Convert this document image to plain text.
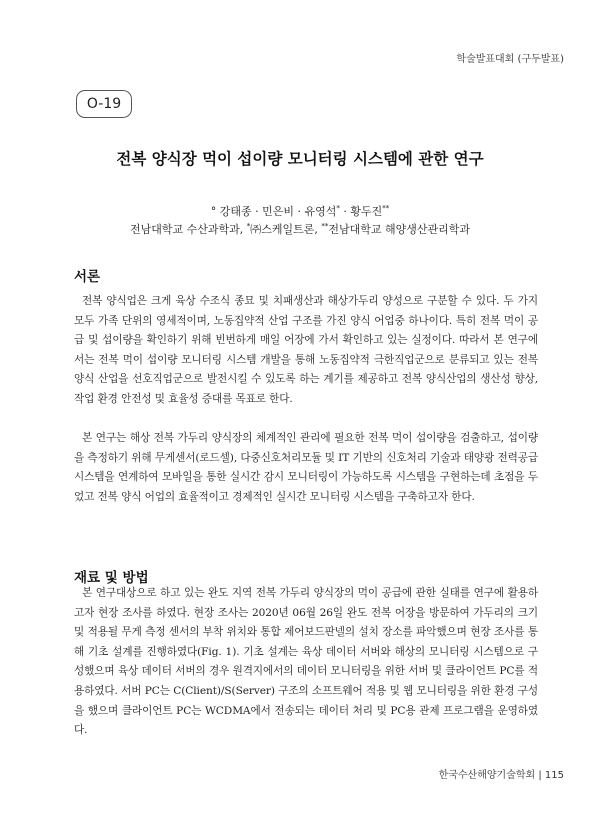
학술발표대회 (구두발표)
O-19
전복 양식장 먹이 섭이량 모니터링 시스템에 관한 연구
° 강태종 · 민은비 · 유영석* · 황두진**
전남대학교 수산과학과, *㈜스케일트론, **전남대학교 해양생산관리학과
서론

전복 양식업은 크게 육상 수조식 종묘 및 치패생산과 해상가두리 양성으로 구분할 수 있다. 두 가지 모두 가족 단위의 영세적이며, 노동집약적 산업 구조를 가진 양식 어업중 하나이다. 특히 전복 먹이 공급 및 섭이량을 확인하기 위해 빈번하게 매일 어장에 가서 확인하고 있는 실정이다. 따라서 본 연구에서는 전복 먹이 섭이량 모니터링 시스템 개발을 통해 노동집약적 극한직업군으로 분류되고 있는 전복 양식 산업을 선호직업군으로 발전시킬 수 있도록 하는 계기를 제공하고 전복 양식산업의 생산성 향상, 작업 환경 안전성 및 효율성 증대를 목표로 한다.

본 연구는 해상 전복 가두리 양식장의 체계적인 관리에 필요한 전복 먹이 섭이량을 검출하고, 섭이량을 측정하기 위해 무게센서(로드셀), 다중신호처리모듈 및 IT 기반의 신호처리 기술과 태양광 전력공급시스템을 연계하여 모바일을 통한 실시간 감시 모니터링이 가능하도록 시스템을 구현하는데 초점을 두었고 전복 양식 어업의 효율적이고 경제적인 실시간 모니터링 시스템을 구축하고자 한다.

재료 및 방법

본 연구대상으로 하고 있는 완도 지역 전복 가두리 양식장의 먹이 공급에 관한 실태를 연구에 활용하고자 현장 조사를 하였다. 현장 조사는 2020년 06월 26일 완도 전복 어장을 방문하여 가두리의 크기 및 적용될 무게 측정 센서의 부착 위치와 통합 제어보드판넬의 설치 장소를 파악했으며 현장 조사를 통해 기초 설계를 진행하였다(Fig. 1). 기초 설계는 육상 데이터 서버와 해상의 모니터링 시스템으로 구성했으며 육상 데이터 서버의 경우 원격지에서의 데이터 모니터링을 위한 서버 및 클라이언트 PC를 적용하였다. 서버 PC는 C(Client)/S(Server) 구조의 소프트웨어 적용 및 웹 모니터링을 위한 환경 구성을 했으며 클라이언트 PC는 WCDMA에서 전송되는 데이터 처리 및 PC용 관제 프로그램을 운영하였다.

한국수산해양기술학회 | 115
